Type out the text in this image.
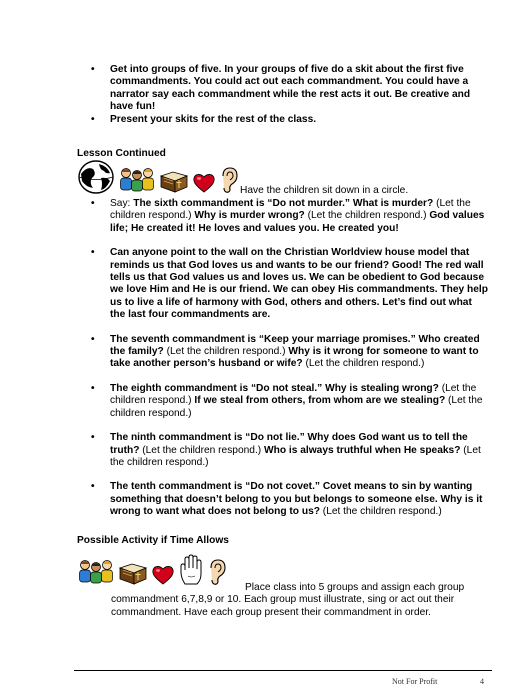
• Get into groups of five. In your groups of five do a skit about the first five commandments. You could act out each commandment. You could have a narrator say each commandment while the rest acts it out. Be creative and have fun!
• Present your skits for the rest of the class.
Lesson Continued
Have the children sit down in a circle.
• Say: The sixth commandment is “Do not murder.” What is murder? (Let the children respond.) Why is murder wrong? (Let the children respond.) God values life; He created it! He loves and values you. He created you!
• Can anyone point to the wall on the Christian Worldview house model that reminds us that God loves us and wants to be our friend? Good! The red wall tells us that God values us and loves us. We can be obedient to God because we love Him and He is our friend. We can obey His commandments. They help us to live a life of harmony with God, others and others. Let’s find out what the last four commandments are.
• The seventh commandment is “Keep your marriage promises.” Who created the family? (Let the children respond.) Why is it wrong for someone to want to take another person’s husband or wife? (Let the children respond.)
• The eighth commandment is “Do not steal.” Why is stealing wrong? (Let the children respond.) If we steal from others, from whom are we stealing? (Let the children respond.)
• The ninth commandment is “Do not lie.” Why does God want us to tell the truth? (Let the children respond.) Who is always truthful when He speaks? (Let the children respond.)
• The tenth commandment is “Do not covet.” Covet means to sin by wanting something that doesn’t belong to you but belongs to someone else. Why is it wrong to want what does not belong to us? (Let the children respond.)
Possible Activity if Time Allows
Place class into 5 groups and assign each group commandment 6,7,8,9 or 10. Each group must illustrate, sing or act out their commandment. Have each group present their commandment in order.
Not For Profit	4
